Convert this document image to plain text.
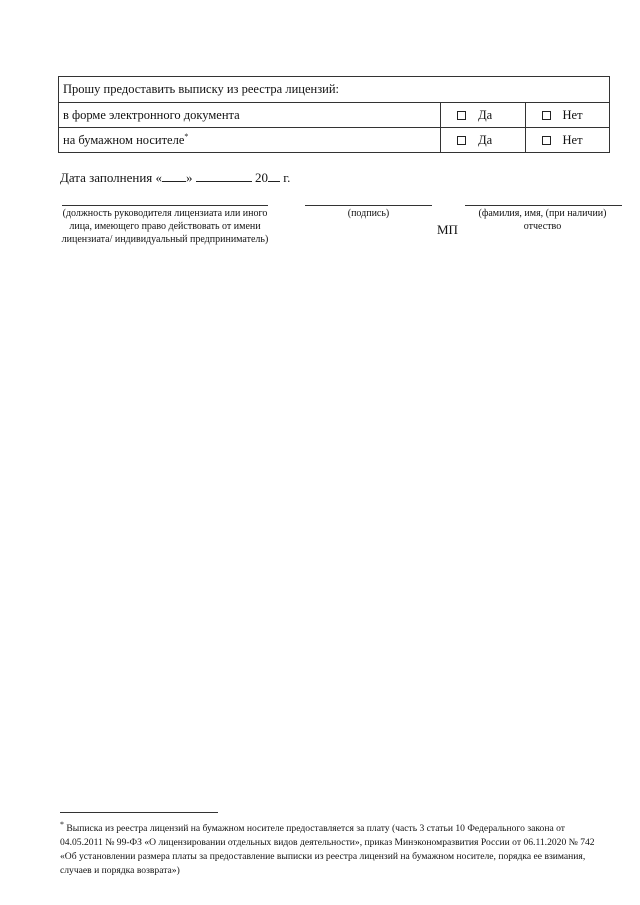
Прошу предоставить выписку из реестра лицензий:		
в форме электронного документа	Да	Нет

на бумажном носителе*	Да	Нет
Дата заполнения « »	20 г.
(должность руководителя лицензиата или иного лица, имеющего право действовать от имени лицензиата/ индивидуальный предприниматель)
(подпись)
МП
(фамилия, имя, (при наличии) отчество
* Выписка из реестра лицензий на бумажном носителе предоставляется за плату (часть 3 статьи 10 Федерального закона от 04.05.2011 № 99-ФЗ «О лицензировании отдельных видов деятельности», приказ Минэкономразвития России от 06.11.2020 № 742 «Об установлении размера платы за предоставление выписки из реестра лицензий на бумажном носителе, порядка ее взимания, случаев и порядка возврата»)
